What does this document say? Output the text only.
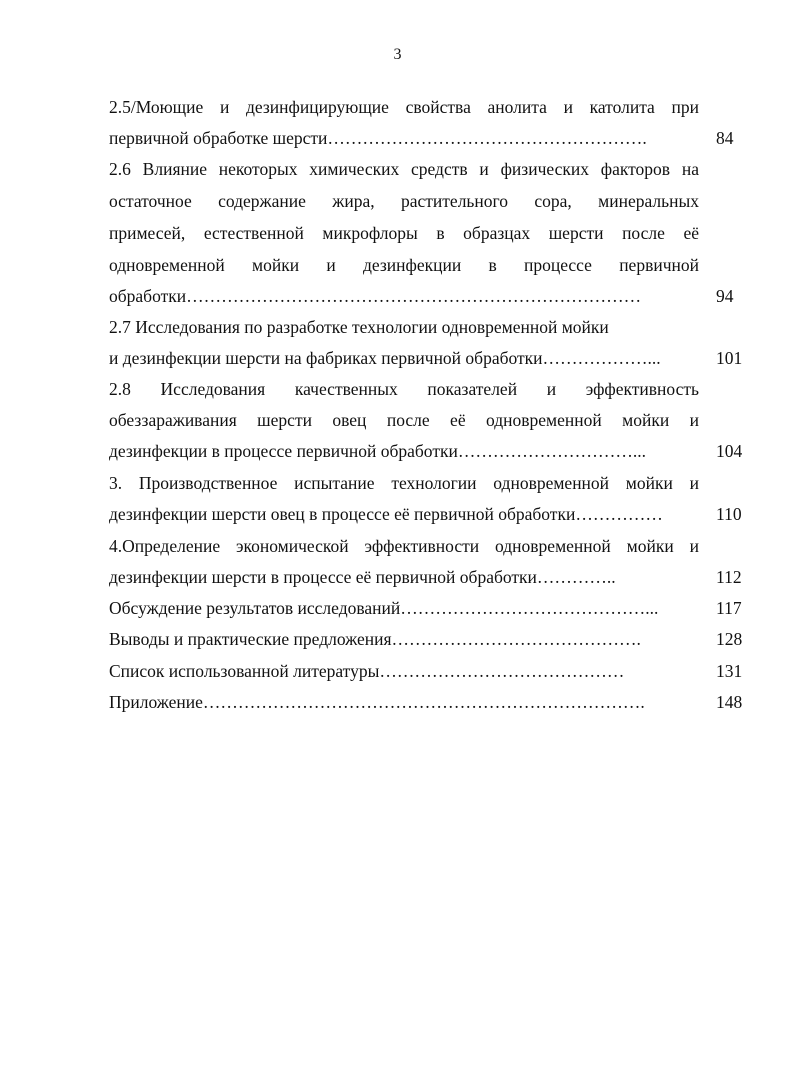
3
2.5/Моющие и дезинфицирующие свойства анолита и католита при
первичной обработке шерсти……………………………………………….	84
2.6 Влияние некоторых химических средств и физических факторов на
остаточное содержание жира, растительного сора, минеральных
примесей, естественной микрофлоры в образцах шерсти после её
одновременной мойки и дезинфекции в процессе первичной
обработки……………………………………………………………………	94
2.7 Исследования по разработке технологии одновременной мойки
и дезинфекции шерсти на фабриках первичной обработки………………...	101
2.8 Исследования качественных показателей и эффективность
обеззараживания шерсти овец после её одновременной мойки и
дезинфекции в процессе первичной обработки…………………………...	104
3. Производственное испытание технологии одновременной мойки и
дезинфекции шерсти овец в процессе её первичной обработки……………	110
4.Определение экономической эффективности одновременной мойки и
дезинфекции шерсти в процессе её первичной обработки…………..	112
Обсуждение результатов исследований……………………………………...	117
Выводы и практические предложения…………………………………….	128
Список использованной литературы……………………………………	131
Приложение………………………………………………………………….	148
